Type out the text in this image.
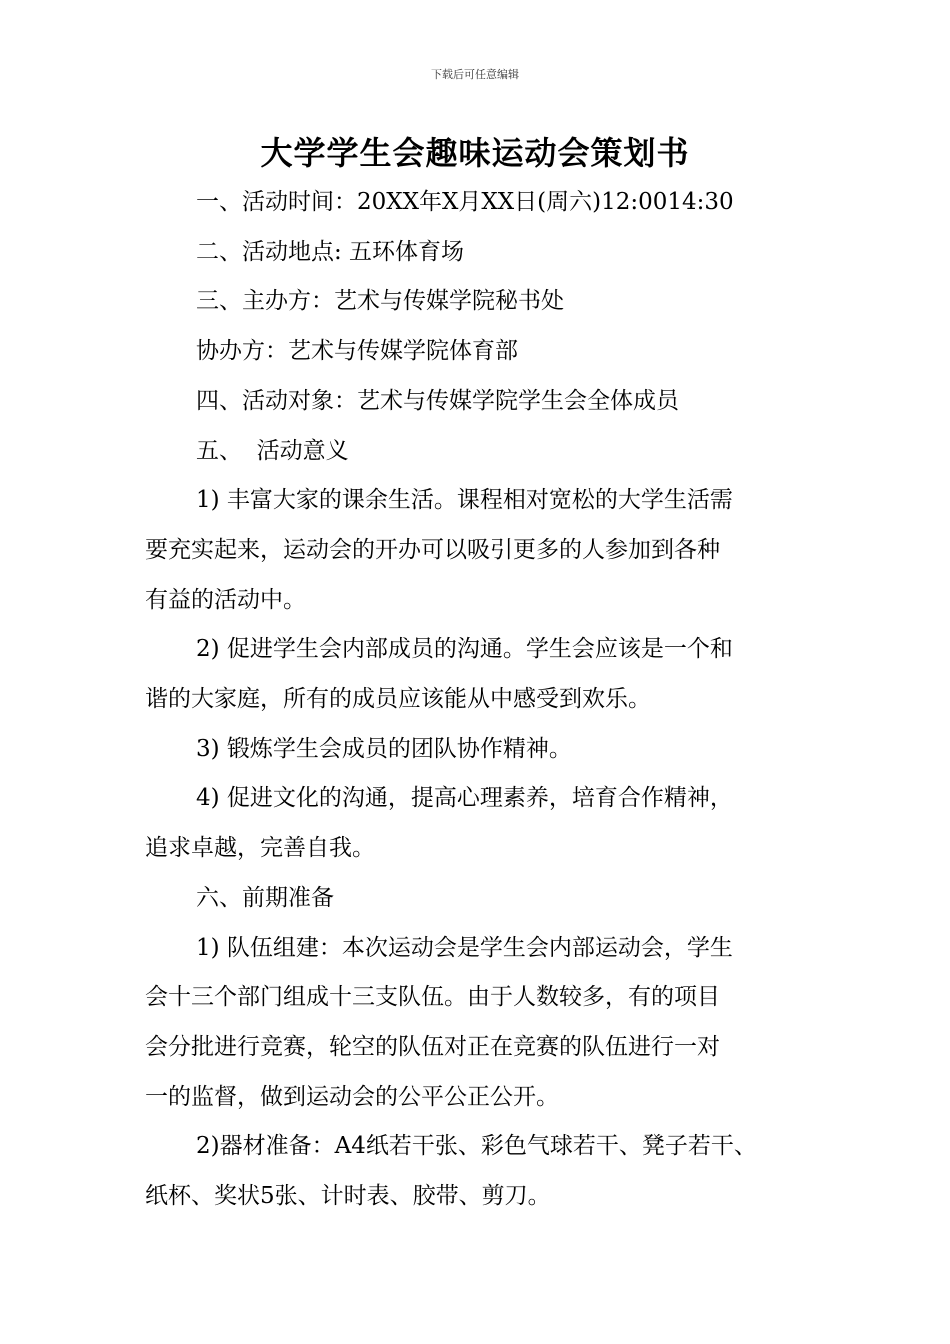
下载后可任意编辑
大学学生会趣味运动会策划书

一、活动时间：20XX年X月XX日(周六)12:0014:30

二、活动地点: 五环体育场

三、主办方：艺术与传媒学院秘书处

协办方：艺术与传媒学院体育部

四、活动对象：艺术与传媒学院学生会全体成员

五、  活动意义

1) 丰富大家的课余生活。课程相对宽松的大学生活需

要充实起来，运动会的开办可以吸引更多的人参加到各种

有益的活动中。

2) 促进学生会内部成员的沟通。学生会应该是一个和

谐的大家庭，所有的成员应该能从中感受到欢乐。

3) 锻炼学生会成员的团队协作精神。

4) 促进文化的沟通，提高心理素养，培育合作精神，

追求卓越，完善自我。

六、前期准备

1) 队伍组建：本次运动会是学生会内部运动会，学生

会十三个部门组成十三支队伍。由于人数较多，有的项目

会分批进行竞赛，轮空的队伍对正在竞赛的队伍进行一对

一的监督，做到运动会的公平公正公开。

2)器材准备：A4纸若干张、彩色气球若干、凳子若干、

纸杯、奖状5张、计时表、胶带、剪刀。
